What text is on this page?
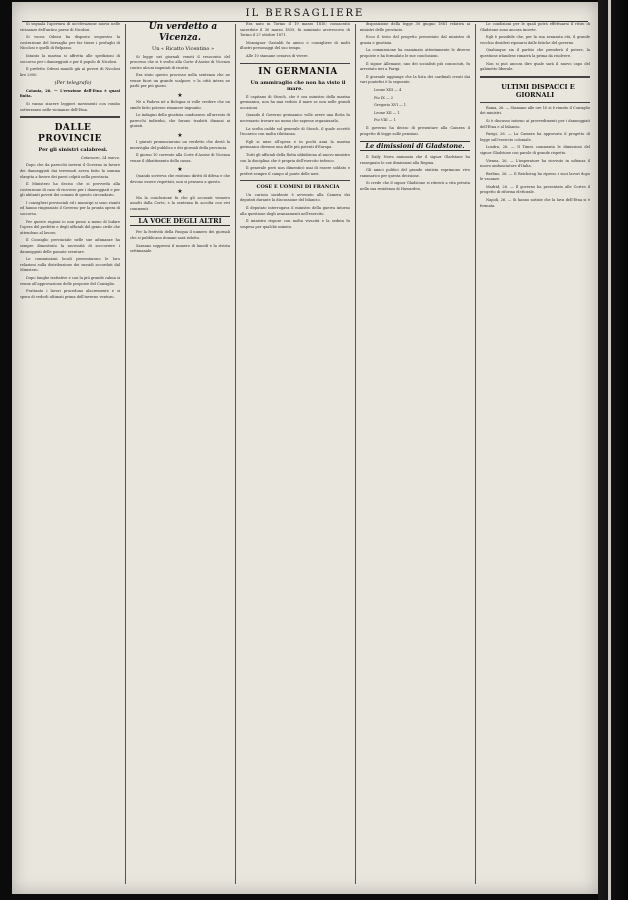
IL BERSAGLIERE

Si segnala l'apertura di un'elevazione nuova nelle vicinanze dell'antico paese di Nicolosi.

Si vocea Odessi ha disposto sequestro la costruzione del bersaglio per far tirare i profughi di Nicolosi e quelli di Belpasso.

Intanto la marina si affretta alle spedizioni di soccorso per i danneggiati e per il popolo di Nicolosi.

Il prefetto Odessi mandò già ai poveri di Nicolosi lire 2000.

(Per telegrafo)

Catania, 26. — L'eruzione dell'Etna è quasi finita.

Si vanno sincere leggieri movimenti con rombo sotterraneo nelle vicinanze dell'Etna.

DALLE PROVINCIE

Per gli sinistri calabresi.

Catanzaro, 24 marzo.

Dopo che da parecchi inverni il Governo in favore dei danneggiati dai terremoti aveva fatto la somma elargita a favore dei paesi colpiti nella provincia.

Il Ministero ha deciso che si provveda alla costruzione di case di ricovero per i danneggiati e per gli abitanti poveri dei comuni di questo circondario.

I consiglieri provinciali ed i municipi si sono riuniti ed hanno ringraziato il Governo per la pronta opera di soccorso.

Per queste ragioni io non posso a meno di lodare l'opera del prefetto e degli ufficiali del genio civile che attendono al lavoro.

Il Consiglio provinciale nelle sue adunanze ha sempre dimostrato la necessità di soccorrere i danneggiati delle passate sventure.

Le commissioni locali presentarono le loro relazioni sulla distribuzione dei sussidi accordati dal Ministero.

Dopo lunghe trattative e con la più grande calma si venne all'approvazione delle proposte del Consiglio.

Frattanto i lavori procedono alacremente e si spera di vederli ultimati prima dell'inverno venturo.

Un verdetto a Vicenza.

Un « Ricatto Vicentino »

Si legge nei giornali veneti il resoconto del processo che si è svolto alla Corte d'Assise di Vicenza contro alcuni imputati di ricatto.

Era stato questo processo nella sentenza che ne venne fuori un grande scalpore, e la città intera ne parlò per più giorni.

★

Nè a Padova nè a Bologna si volle credere che un simile fatto potesse rimanere impunito.

Le indagini della giustizia condussero all'arresto di parecchi individui, che furono tradotti dinanzi ai giurati.

★

I giurati pronunciarono un verdetto che destò la meraviglia del pubblico e dei giornali della provincia.

Il giorno 10 corrente alla Corte d'Assise di Vicenza venne il dibattimento della causa.

★

Quando scriveva che esistono diritti di difesa e che devono essere rispettati, non si pensava a questo.

★

Ma la conclusione fu che gli accusati vennero assolti dalla Corte, e la sentenza fu accolta con vivi commenti.

LA VOCE DEGLI ALTRI

Per la festività della Pasqua il numero dei giornali che si pubblicano domani sarà ridotto.

Saranno soppressi il numero di lunedì e la rivista settimanale.

Era nato in Torino il 19 marzo 1816; consacrato sacerdote il 30 marzo 1839, fu nominato arcivescovo di Torino il 27 ottobre 1871.

Monsignor Gastaldi fu amico e consigliere di molti illustri personaggi del suo tempo.

Alle 10 stamane cessava di vivere.

IN GERMANIA

Un ammiraglio che non ha visto il mare.

Il capitano di Stosch, che è ora ministro della marina germanica, non ha mai veduto il mare se non nelle grandi occasioni.

Quando il Governo germanico volle avere una flotta fu necessario trovare un uomo che sapesse organizzarla.

La scelta cadde sul generale di Stosch, il quale accettò l'incarico con molta riluttanza.

Egli si mise all'opera e in pochi anni la marina germanica divenne una delle più potenti d'Europa.

Tutti gli ufficiali della flotta ubbidirono al nuovo ministro con la disciplina che è propria dell'esercito tedesco.

Il generale però non dimenticò mai di essere soldato e preferì sempre il campo al ponte delle navi.

COSE E UOMINI DI FRANCIA

Un curioso incidente è avvenuto alla Camera dei deputati durante la discussione del bilancio.

Il deputato interrogava il ministro della guerra intorno alla questione degli avanzamenti nell'esercito.

Il ministro rispose con molta vivacità e la seduta fu sospesa per qualche minuto.

disposizione della legge 30 giugno 1881 relativa ai ministri delle provincie.

Ecco il testo del progetto presentato dal ministro di grazia e giustizia.

La commissione ha esaminato attentamente le diverse proposte e ha formulato le sue conclusioni.

Il signor Allemane, uno dei socialisti più conosciuti, fu arrestato ieri a Parigi.

Il giornale aggiunge che la lista dei cardinali creati dai vari pontefici è la seguente.

Leone XIII — 4

Pio IX — 2

Gregorio XVI — 1

Leone XII — 1

Pio VIII — 1

Il governo ha deciso di presentare alla Camera il progetto di legge sulle pensioni.

Le dimissioni di Gladstone.

Il Daily News annunzia che il signor Gladstone ha rassegnato le sue dimissioni alla Regina.

Gli amici politici del grande statista esprimono vivo rammarico per questa decisione.

Si crede che il signor Gladstone si ritirerà a vita privata nella sua residenza di Hawarden.

Le condizioni per le quali potrà effettuarsi il ritiro di Gladstone sono ancora incerte.

Egli è possibile che, per la sua avanzata età, il grande vecchio desideri riposarsi dalle fatiche del governo.

Qualunque sia il partito che prenderà il potere, la questione irlandese rimarrà la prima da risolvere.

Non si può ancora dire quale sarà il nuovo capo del gabinetto liberale.

ULTIMI DISPACCI E GIORNALI

Roma, 26. — Stamane alle ore 10 si è riunito il Consiglio dei ministri.

Si è discusso intorno ai provvedimenti per i danneggiati dell'Etna e al bilancio.

Parigi, 26. — La Camera ha approvato il progetto di legge sull'esercito coloniale.

Londra, 26. — Il Times commenta le dimissioni del signor Gladstone con parole di grande rispetto.

Vienna, 26. — L'imperatore ha ricevuto in udienza il nuovo ambasciatore d'Italia.

Berlino, 26. — Il Reichstag ha ripreso i suoi lavori dopo le vacanze.

Madrid, 26. — Il governo ha presentato alle Cortes il progetto di riforma elettorale.

Napoli, 26. — Si hanno notizie che la lava dell'Etna si è fermata.
